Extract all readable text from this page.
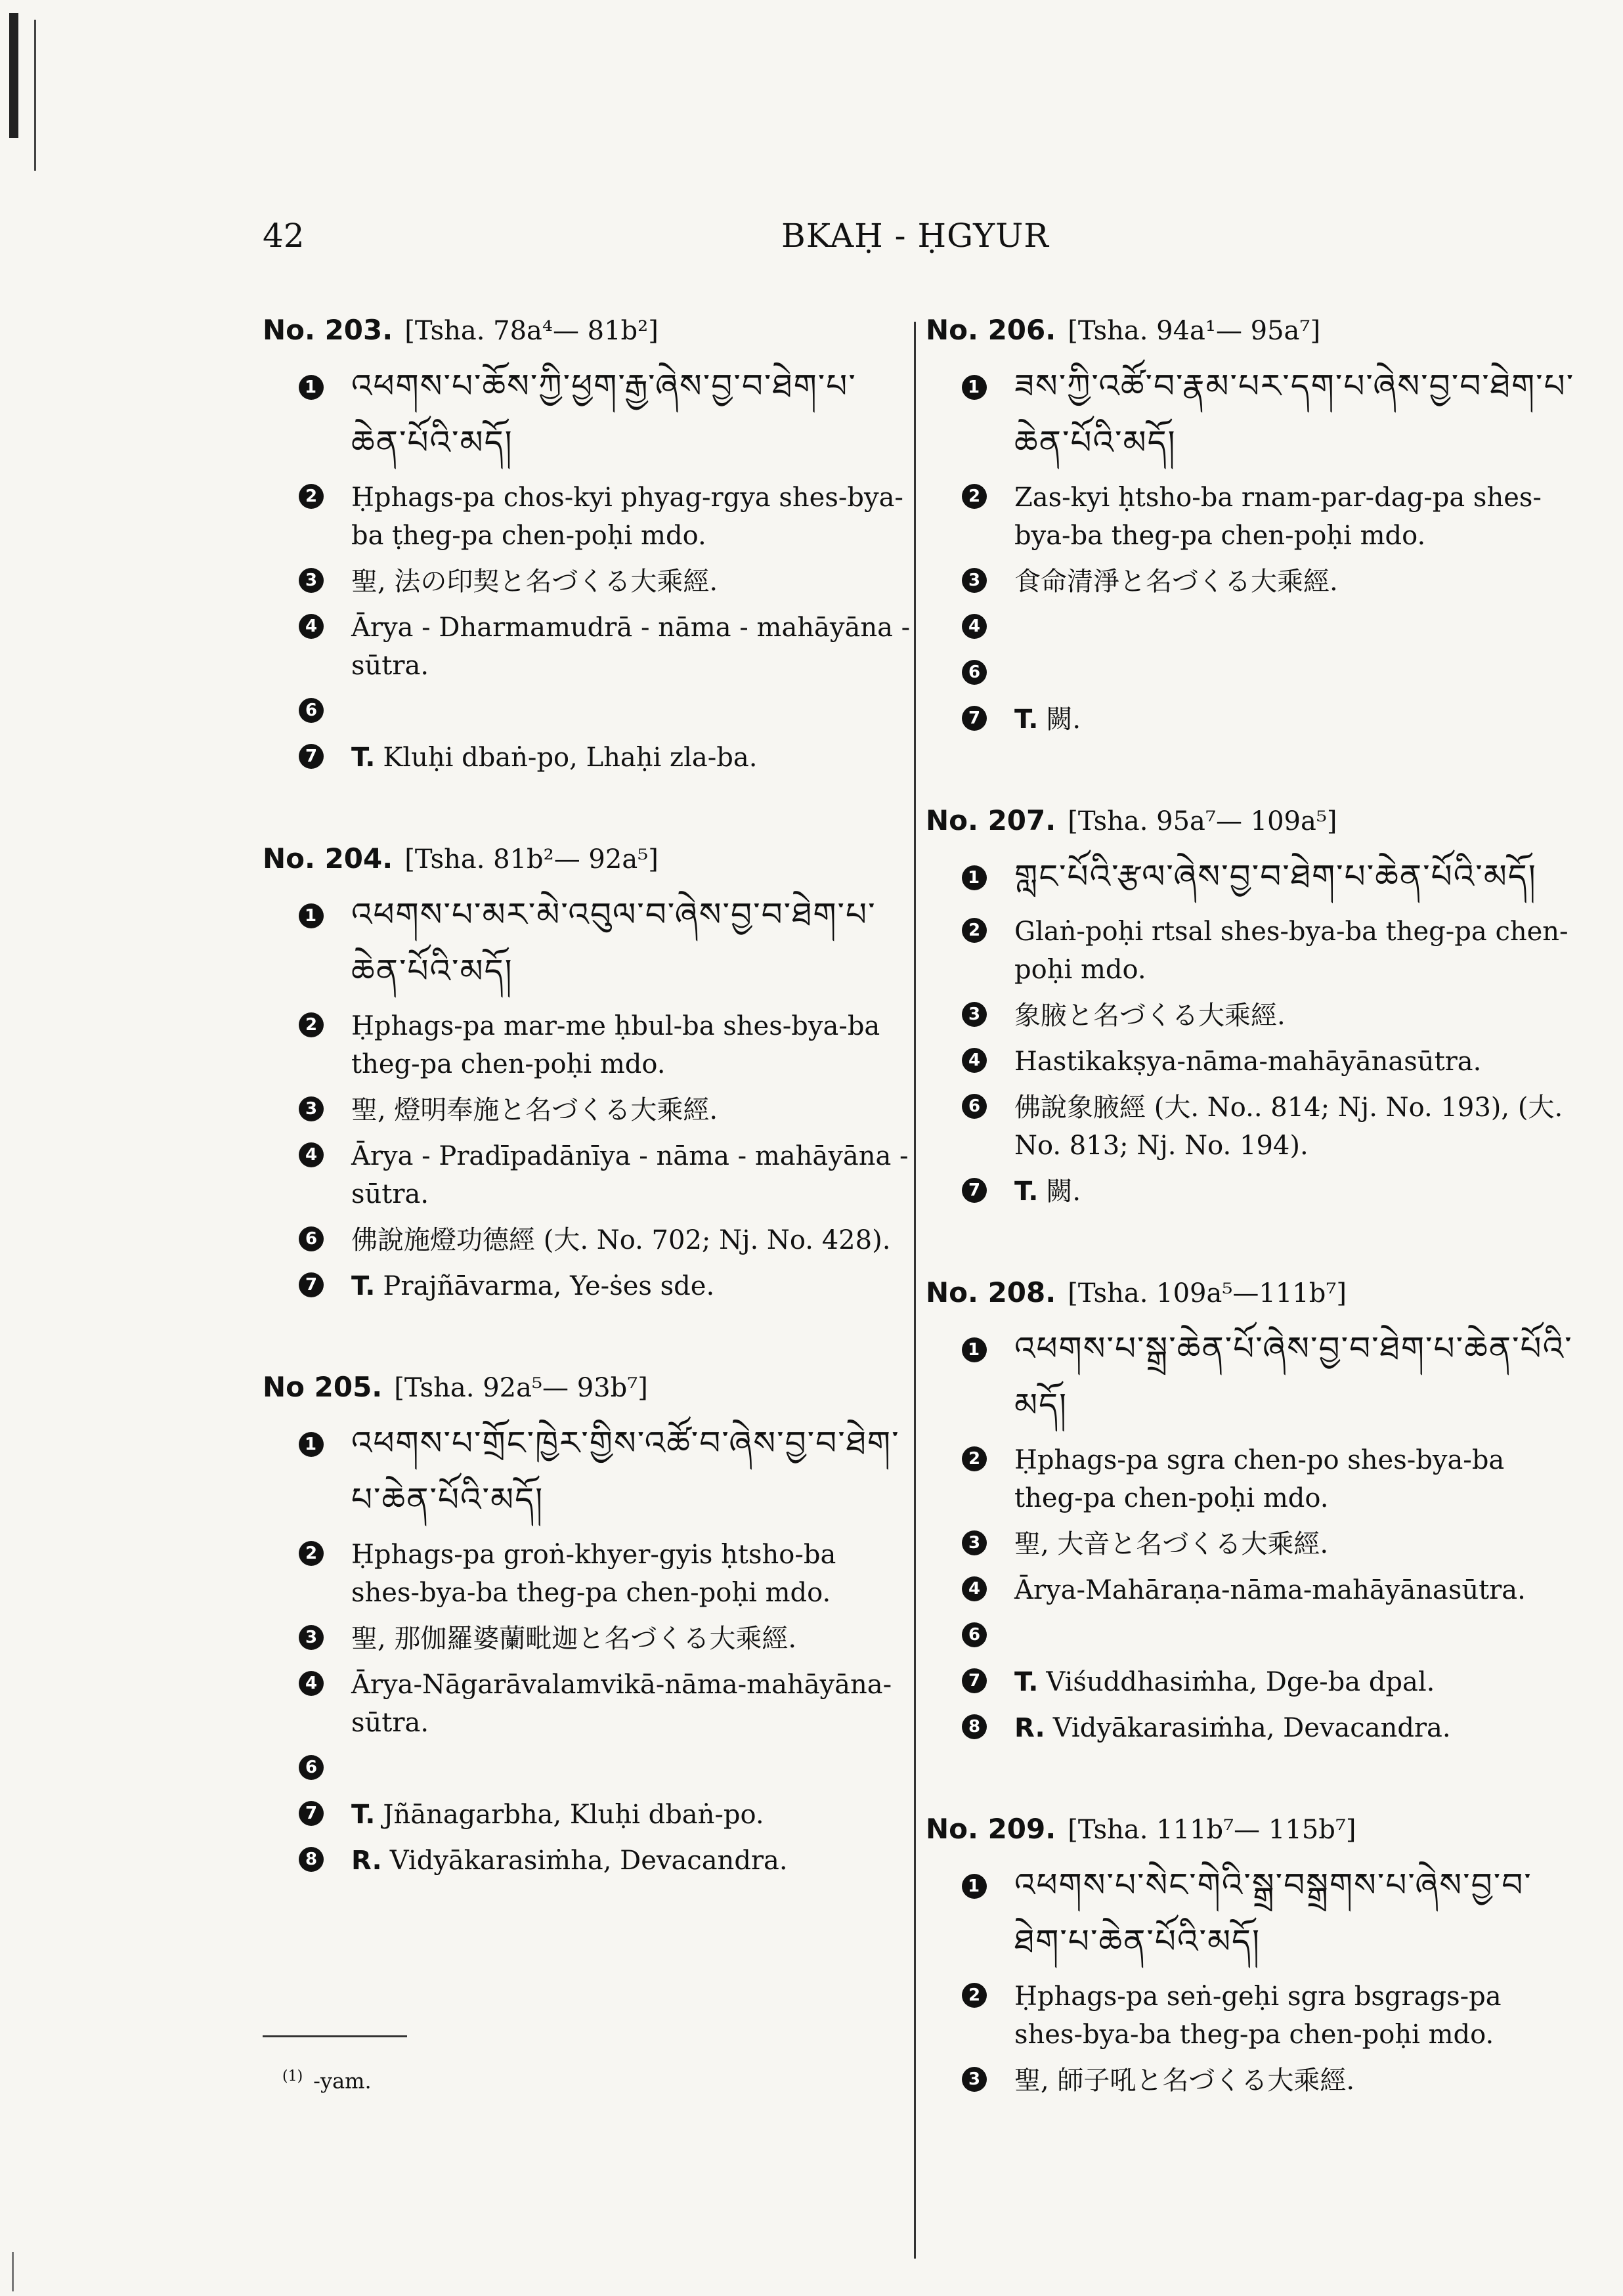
42	BKAḤ - ḤGYUR
No. 203. [Tsha. 78a⁴— 81b²]
1 འཕགས་པ་ཆོས་ཀྱི་ཕྱག་རྒྱ་ཞེས་བྱ་བ་ཐེག་པ་ཆེན་པོའི་མདོ།
2 Ḥphags-pa chos-kyi phyag-rgya shes-bya-ba ṭheg-pa chen-poḥi mdo.
3 聖, 法の印契と名づくる大乘經.
4 Ārya - Dharmamudrā - nāma - mahāyāna - sūtra.
6
7 T. Kluḥi dbaṅ-po, Lhaḥi zla-ba.
No. 204. [Tsha. 81b²— 92a⁵]
1 འཕགས་པ་མར་མེ་འབུལ་བ་ཞེས་བྱ་བ་ཐེག་པ་ཆེན་པོའི་མདོ།
2 Ḥphags-pa mar-me ḥbul-ba shes-bya-ba theg-pa chen-poḥi mdo.
3 聖, 燈明奉施と名づくる大乘經.
4 Ārya - Pradīpadānīya - nāma - mahāyāna - sūtra.
6 佛說施燈功德經 (大. No. 702; Nj. No. 428).
7 T. Prajñāvarma, Ye-ṡes sde.
No 205. [Tsha. 92a⁵— 93b⁷]
1 འཕགས་པ་གྲོང་ཁྱེར་གྱིས་འཚོ་བ་ཞེས་བྱ་བ་ཐེག་པ་ཆེན་པོའི་མདོ།
2 Ḥphags-pa groṅ-khyer-gyis ḥtsho-ba shes-bya-ba theg-pa chen-poḥi mdo.
3 聖, 那伽羅婆蘭毗迦と名づくる大乘經.
4 Ārya-Nāgarāvalamvikā-nāma-mahāyāna-sūtra.
6
7 T. Jñānagarbha, Kluḥi dbaṅ-po.
8 R. Vidyākarasiṁha, Devacandra.
No. 206. [Tsha. 94a¹— 95a⁷]
1 ཟས་ཀྱི་འཚོ་བ་རྣམ་པར་དག་པ་ཞེས་བྱ་བ་ཐེག་པ་ཆེན་པོའི་མདོ།
2 Zas-kyi ḥtsho-ba rnam-par-dag-pa shes-bya-ba theg-pa chen-poḥi mdo.
3 食命清淨と名づくる大乘經.
4
6
7 T. 闕.
No. 207. [Tsha. 95a⁷— 109a⁵]
1 གླང་པོའི་རྩལ་ཞེས་བྱ་བ་ཐེག་པ་ཆེན་པོའི་མདོ།
2 Glaṅ-poḥi rtsal shes-bya-ba theg-pa chen-poḥi mdo.
3 象腋と名づくる大乘經.
4 Hastikakṣya-nāma-mahāyānasūtra.
6 佛說象腋經 (大. No.. 814; Nj. No. 193), (大. No. 813; Nj. No. 194).
7 T. 闕.
No. 208. [Tsha. 109a⁵—111b⁷]
1 འཕགས་པ་སྒྲ་ཆེན་པོ་ཞེས་བྱ་བ་ཐེག་པ་ཆེན་པོའི་མདོ།
2 Ḥphags-pa sgra chen-po shes-bya-ba theg-pa chen-poḥi mdo.
3 聖, 大音と名づくる大乘經.
4 Ārya-Mahāraṇa-nāma-mahāyānasūtra.
6
7 T. Viśuddhasiṁha, Dge-ba dpal.
8 R. Vidyākarasiṁha, Devacandra.
No. 209. [Tsha. 111b⁷— 115b⁷]
1 འཕགས་པ་སེང་གེའི་སྒྲ་བསྒྲགས་པ་ཞེས་བྱ་བ་ཐེག་པ་ཆེན་པོའི་མདོ།
2 Ḥphags-pa seṅ-geḥi sgra bsgrags-pa shes-bya-ba theg-pa chen-poḥi mdo.
3 聖, 師子吼と名づくる大乘經.
$^{(1)}$ -yam.
